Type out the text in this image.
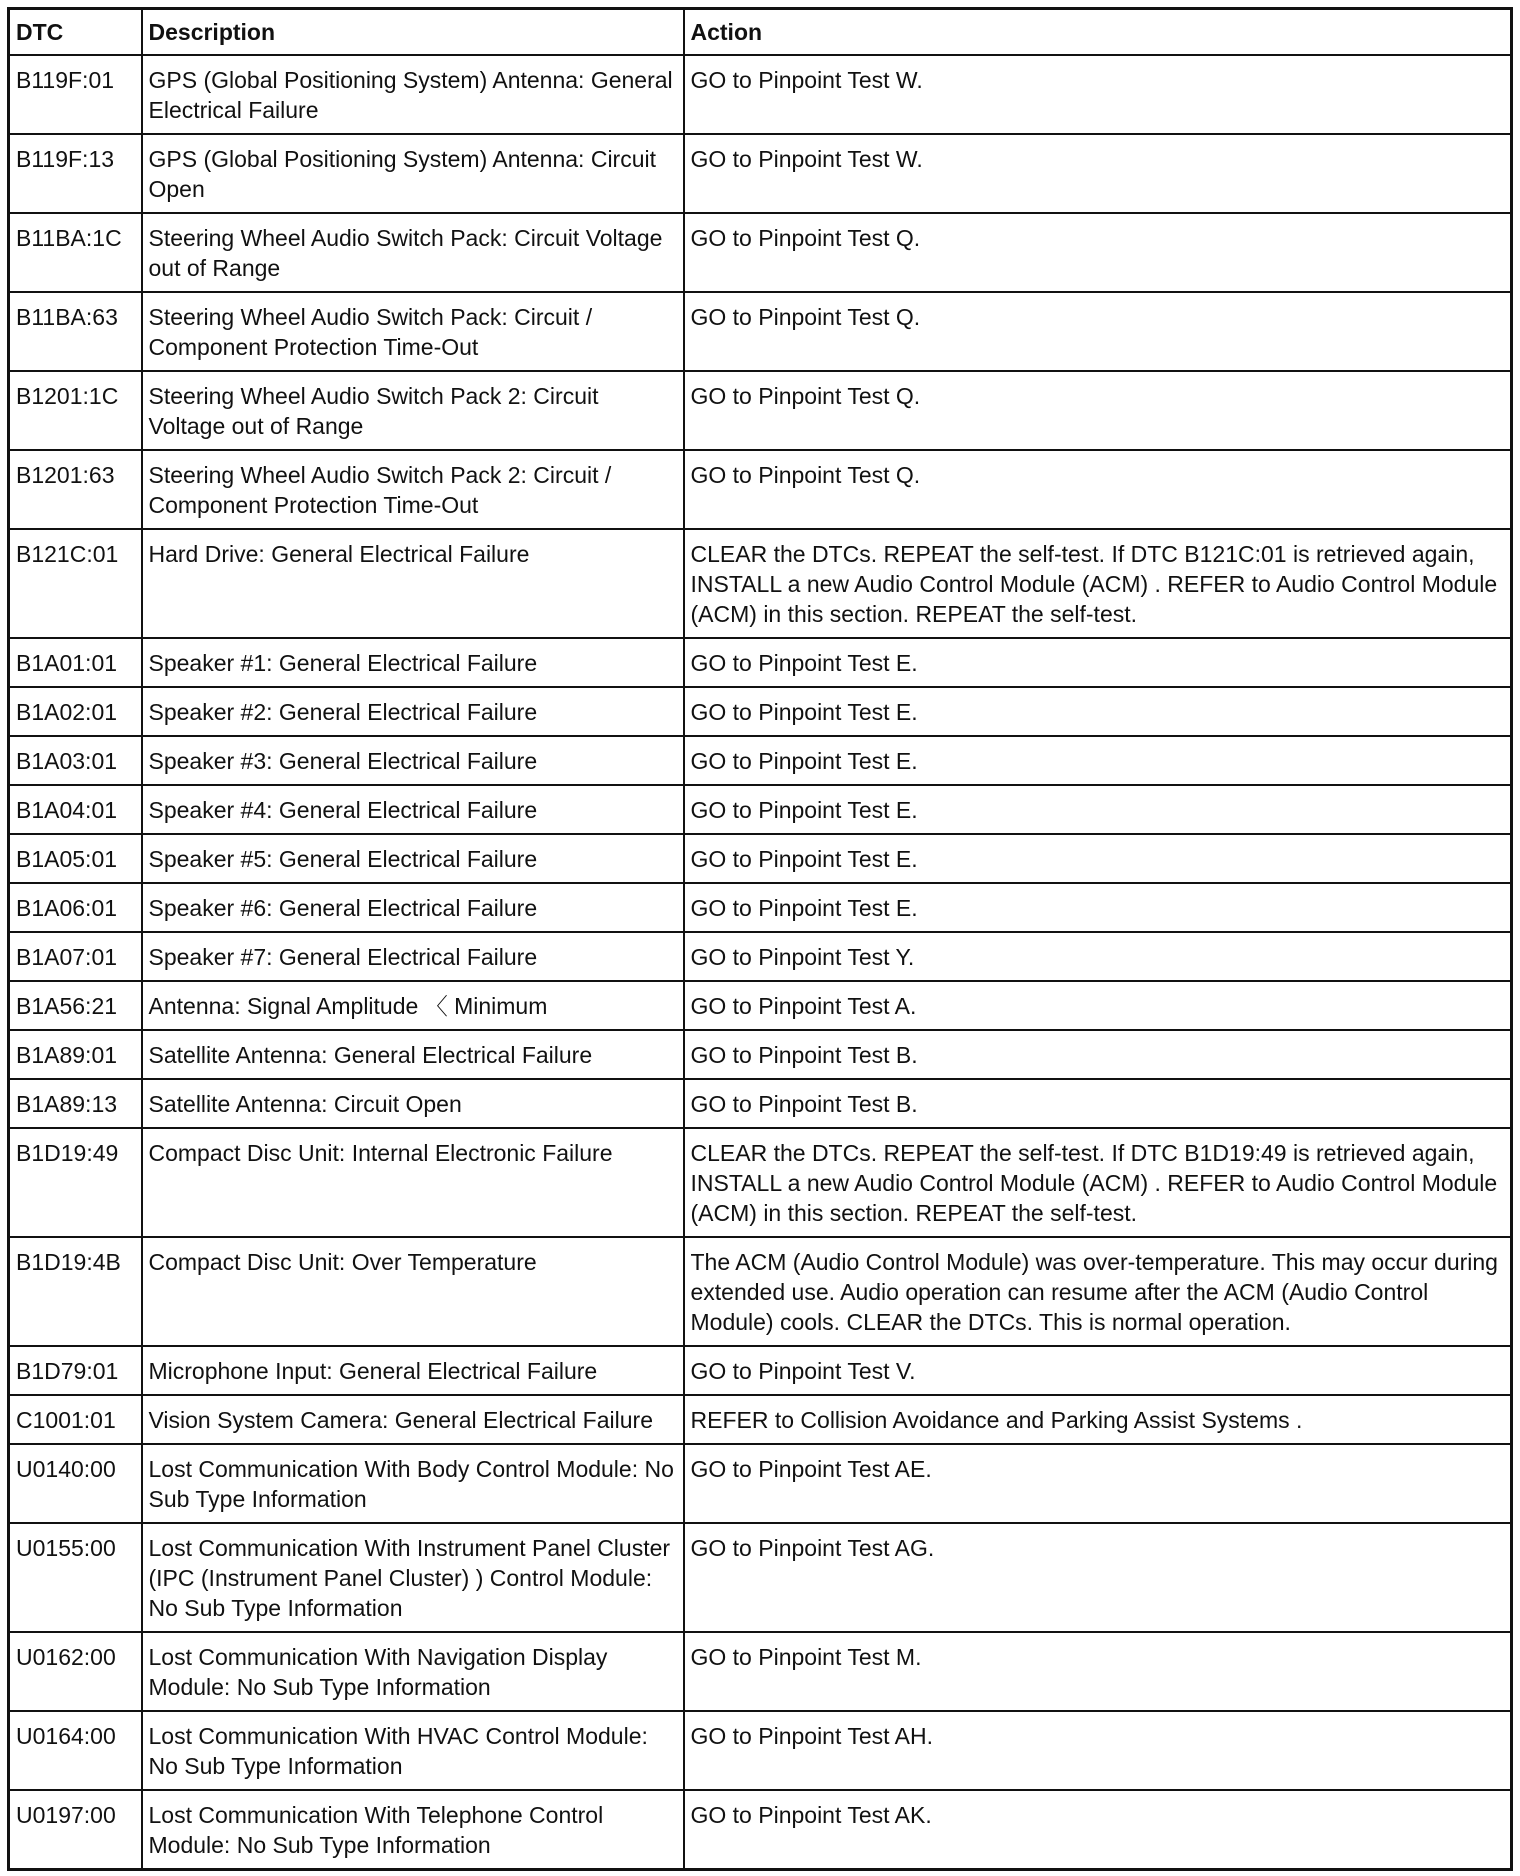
DTC	Description	Action
B119F:01	GPS (Global Positioning System) Antenna: General Electrical Failure	GO to Pinpoint Test W.
B119F:13	GPS (Global Positioning System) Antenna: Circuit Open	GO to Pinpoint Test W.
B11BA:1C	Steering Wheel Audio Switch Pack: Circuit Voltage out of Range	GO to Pinpoint Test Q.
B11BA:63	Steering Wheel Audio Switch Pack: Circuit / Component Protection Time-Out	GO to Pinpoint Test Q.
B1201:1C	Steering Wheel Audio Switch Pack 2: Circuit Voltage out of Range	GO to Pinpoint Test Q.
B1201:63	Steering Wheel Audio Switch Pack 2: Circuit / Component Protection Time-Out	GO to Pinpoint Test Q.
B121C:01	Hard Drive: General Electrical Failure	CLEAR the DTCs. REPEAT the self-test. If DTC B121C:01 is retrieved again, INSTALL a new Audio Control Module (ACM) . REFER to Audio Control Module (ACM) in this section. REPEAT the self-test.
B1A01:01	Speaker #1: General Electrical Failure	GO to Pinpoint Test E.
B1A02:01	Speaker #2: General Electrical Failure	GO to Pinpoint Test E.
B1A03:01	Speaker #3: General Electrical Failure	GO to Pinpoint Test E.
B1A04:01	Speaker #4: General Electrical Failure	GO to Pinpoint Test E.
B1A05:01	Speaker #5: General Electrical Failure	GO to Pinpoint Test E.
B1A06:01	Speaker #6: General Electrical Failure	GO to Pinpoint Test E.
B1A07:01	Speaker #7: General Electrical Failure	GO to Pinpoint Test Y.
B1A56:21	Antenna: Signal Amplitude 〈 Minimum	GO to Pinpoint Test A.
B1A89:01	Satellite Antenna: General Electrical Failure	GO to Pinpoint Test B.
B1A89:13	Satellite Antenna: Circuit Open	GO to Pinpoint Test B.
B1D19:49	Compact Disc Unit: Internal Electronic Failure	CLEAR the DTCs. REPEAT the self-test. If DTC B1D19:49 is retrieved again, INSTALL a new Audio Control Module (ACM) . REFER to Audio Control Module (ACM) in this section. REPEAT the self-test.
B1D19:4B	Compact Disc Unit: Over Temperature	The ACM (Audio Control Module) was over-temperature. This may occur during extended use. Audio operation can resume after the ACM (Audio Control Module) cools. CLEAR the DTCs. This is normal operation.
B1D79:01	Microphone Input: General Electrical Failure	GO to Pinpoint Test V.
C1001:01	Vision System Camera: General Electrical Failure	REFER to Collision Avoidance and Parking Assist Systems .
U0140:00	Lost Communication With Body Control Module: No Sub Type Information	GO to Pinpoint Test AE.
U0155:00	Lost Communication With Instrument Panel Cluster (IPC (Instrument Panel Cluster) ) Control Module: No Sub Type Information	GO to Pinpoint Test AG.
U0162:00	Lost Communication With Navigation Display Module: No Sub Type Information	GO to Pinpoint Test M.
U0164:00	Lost Communication With HVAC Control Module: No Sub Type Information	GO to Pinpoint Test AH.
U0197:00	Lost Communication With Telephone Control Module: No Sub Type Information	GO to Pinpoint Test AK.
